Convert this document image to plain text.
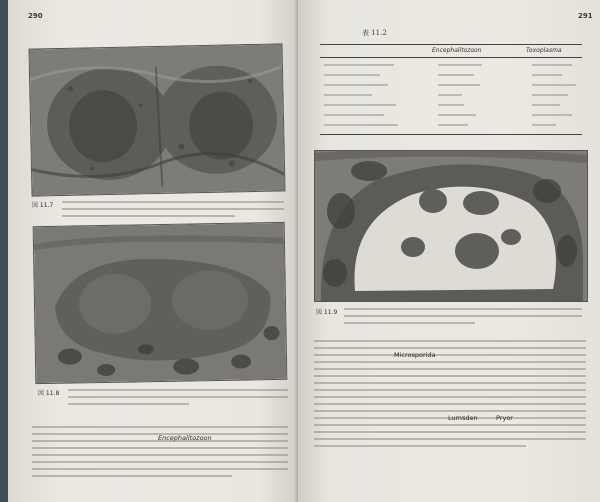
290
図 11.7
図 11.8
Encephalitozoon
291
表 11.2
Encephalitozoon	Toxoplasma
図 11.9
Microsporida
Lumsden	Pryor
